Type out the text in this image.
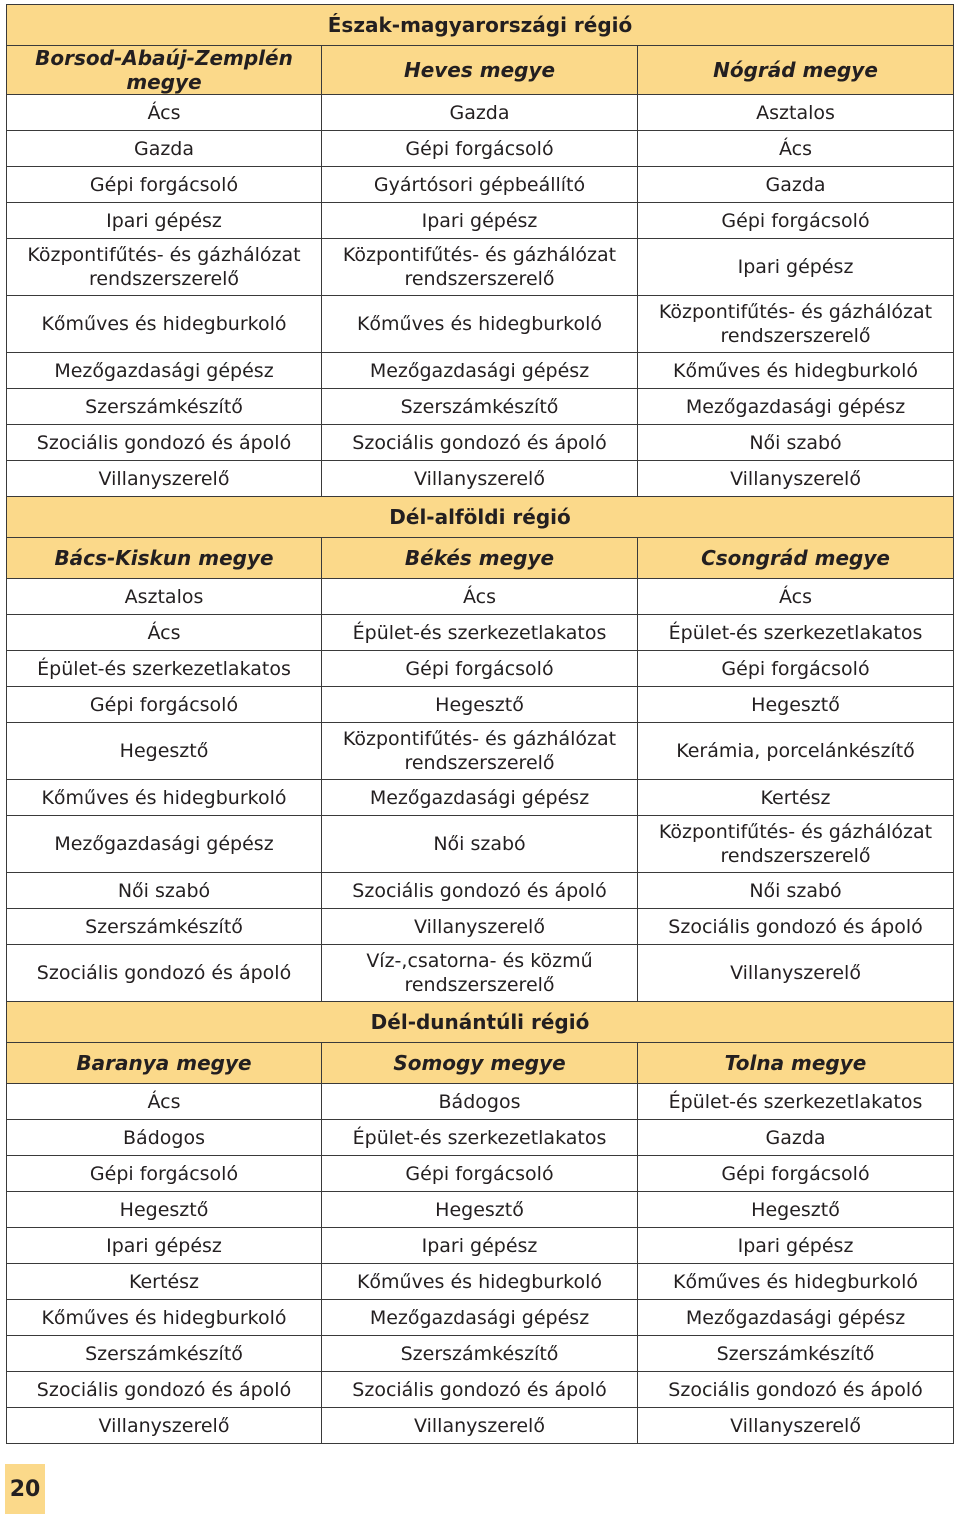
Észak-magyarországi régió		
Borsod-Abaúj-Zemplén megye	Heves megye	Nógrád megye
Ács	Gazda	Asztalos
Gazda	Gépi forgácsoló	Ács
Gépi forgácsoló	Gyártósori gépbeállító	Gazda
Ipari gépész	Ipari gépész	Gépi forgácsoló
Központifűtés- és gázhálózat rendszerszerelő	Központifűtés- és gázhálózat rendszerszerelő	Ipari gépész
Kőműves és hidegburkoló	Kőműves és hidegburkoló	Központifűtés- és gázhálózat rendszerszerelő
Mezőgazdasági gépész	Mezőgazdasági gépész	Kőműves és hidegburkoló
Szerszámkészítő	Szerszámkészítő	Mezőgazdasági gépész
Szociális gondozó és ápoló	Szociális gondozó és ápoló	Női szabó
Villanyszerelő	Villanyszerelő	Villanyszerelő
Dél-alföldi régió		
Bács-Kiskun megye	Békés megye	Csongrád megye
Asztalos	Ács	Ács
Ács	Épület-és szerkezetlakatos	Épület-és szerkezetlakatos
Épület-és szerkezetlakatos	Gépi forgácsoló	Gépi forgácsoló
Gépi forgácsoló	Hegesztő	Hegesztő
Hegesztő	Központifűtés- és gázhálózat rendszerszerelő	Kerámia, porcelánkészítő
Kőműves és hidegburkoló	Mezőgazdasági gépész	Kertész
Mezőgazdasági gépész	Női szabó	Központifűtés- és gázhálózat rendszerszerelő
Női szabó	Szociális gondozó és ápoló	Női szabó
Szerszámkészítő	Villanyszerelő	Szociális gondozó és ápoló
Szociális gondozó és ápoló	Víz-,csatorna- és közmű rendszerszerelő	Villanyszerelő
Dél-dunántúli régió		
Baranya megye	Somogy megye	Tolna megye
Ács	Bádogos	Épület-és szerkezetlakatos
Bádogos	Épület-és szerkezetlakatos	Gazda
Gépi forgácsoló	Gépi forgácsoló	Gépi forgácsoló
Hegesztő	Hegesztő	Hegesztő
Ipari gépész	Ipari gépész	Ipari gépész
Kertész	Kőműves és hidegburkoló	Kőműves és hidegburkoló
Kőműves és hidegburkoló	Mezőgazdasági gépész	Mezőgazdasági gépész
Szerszámkészítő	Szerszámkészítő	Szerszámkészítő
Szociális gondozó és ápoló	Szociális gondozó és ápoló	Szociális gondozó és ápoló
Villanyszerelő	Villanyszerelő	Villanyszerelő
20
